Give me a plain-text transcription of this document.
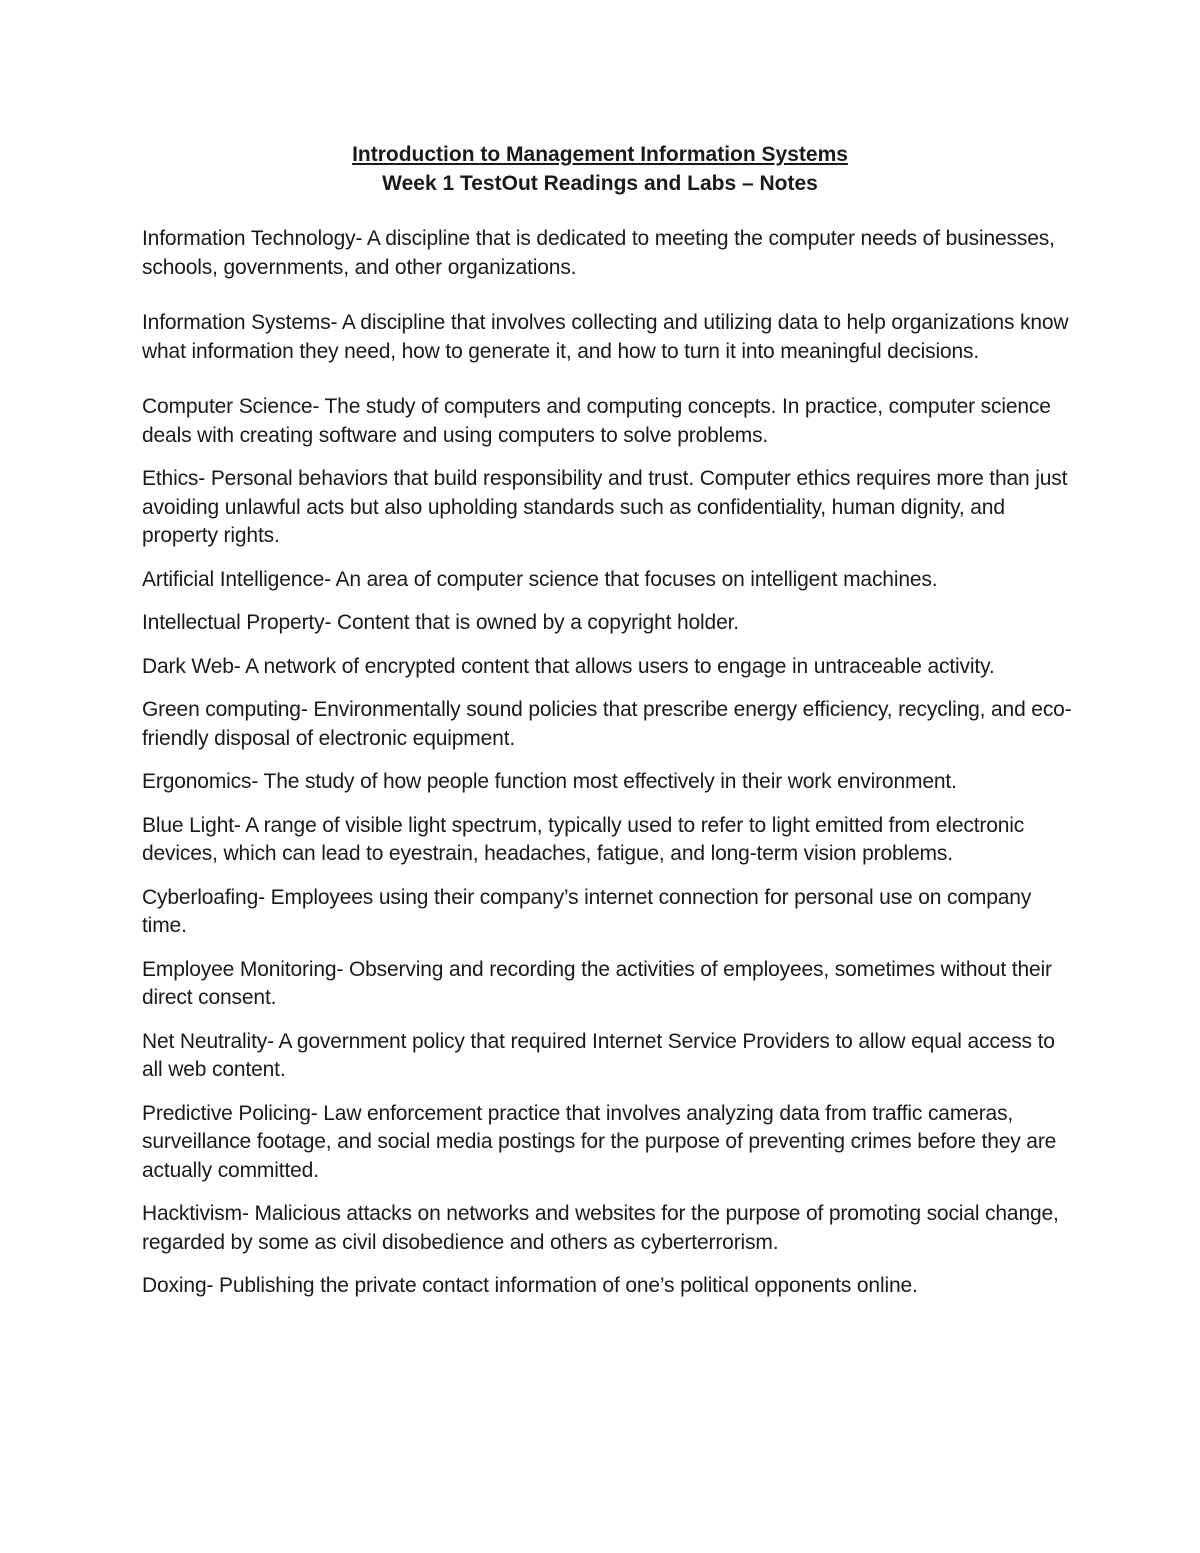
Introduction to Management Information Systems
Week 1 TestOut Readings and Labs – Notes

Information Technology- A discipline that is dedicated to meeting the computer needs of businesses, schools, governments, and other organizations.

Information Systems- A discipline that involves collecting and utilizing data to help organizations know what information they need, how to generate it, and how to turn it into meaningful decisions.

Computer Science- The study of computers and computing concepts. In practice, computer science deals with creating software and using computers to solve problems.

Ethics- Personal behaviors that build responsibility and trust. Computer ethics requires more than just avoiding unlawful acts but also upholding standards such as confidentiality, human dignity, and property rights.

Artificial Intelligence- An area of computer science that focuses on intelligent machines.

Intellectual Property- Content that is owned by a copyright holder.

Dark Web- A network of encrypted content that allows users to engage in untraceable activity.

Green computing- Environmentally sound policies that prescribe energy efficiency, recycling, and eco-friendly disposal of electronic equipment.

Ergonomics- The study of how people function most effectively in their work environment.

Blue Light- A range of visible light spectrum, typically used to refer to light emitted from electronic devices, which can lead to eyestrain, headaches, fatigue, and long-term vision problems.

Cyberloafing- Employees using their company’s internet connection for personal use on company time.

Employee Monitoring- Observing and recording the activities of employees, sometimes without their direct consent.

Net Neutrality- A government policy that required Internet Service Providers to allow equal access to all web content.

Predictive Policing- Law enforcement practice that involves analyzing data from traffic cameras, surveillance footage, and social media postings for the purpose of preventing crimes before they are actually committed.

Hacktivism- Malicious attacks on networks and websites for the purpose of promoting social change, regarded by some as civil disobedience and others as cyberterrorism.

Doxing- Publishing the private contact information of one’s political opponents online.
